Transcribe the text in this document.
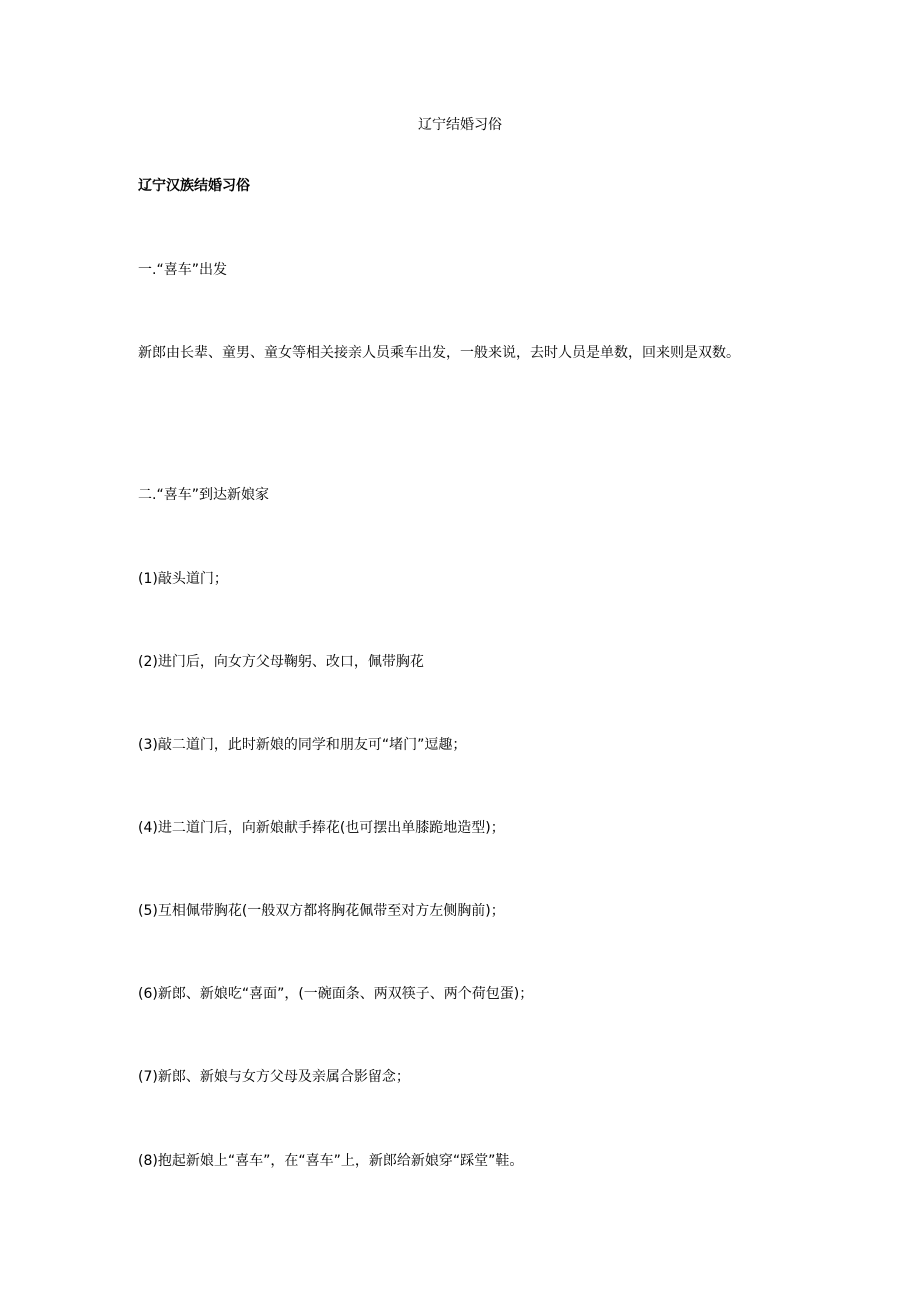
辽宁结婚习俗
辽宁汉族结婚习俗
一.“喜车”出发
新郎由长辈、童男、童女等相关接亲人员乘车出发，一般来说，去时人员是单数，回来则是双数。
二.“喜车”到达新娘家
(1)敲头道门；
(2)进门后，向女方父母鞠躬、改口，佩带胸花
(3)敲二道门，此时新娘的同学和朋友可“堵门”逗趣；
(4)进二道门后，向新娘献手捧花(也可摆出单膝跪地造型)；
(5)互相佩带胸花(一般双方都将胸花佩带至对方左侧胸前)；
(6)新郎、新娘吃“喜面”，(一碗面条、两双筷子、两个荷包蛋)；
(7)新郎、新娘与女方父母及亲属合影留念；
(8)抱起新娘上“喜车”，在“喜车”上，新郎给新娘穿“踩堂”鞋。
